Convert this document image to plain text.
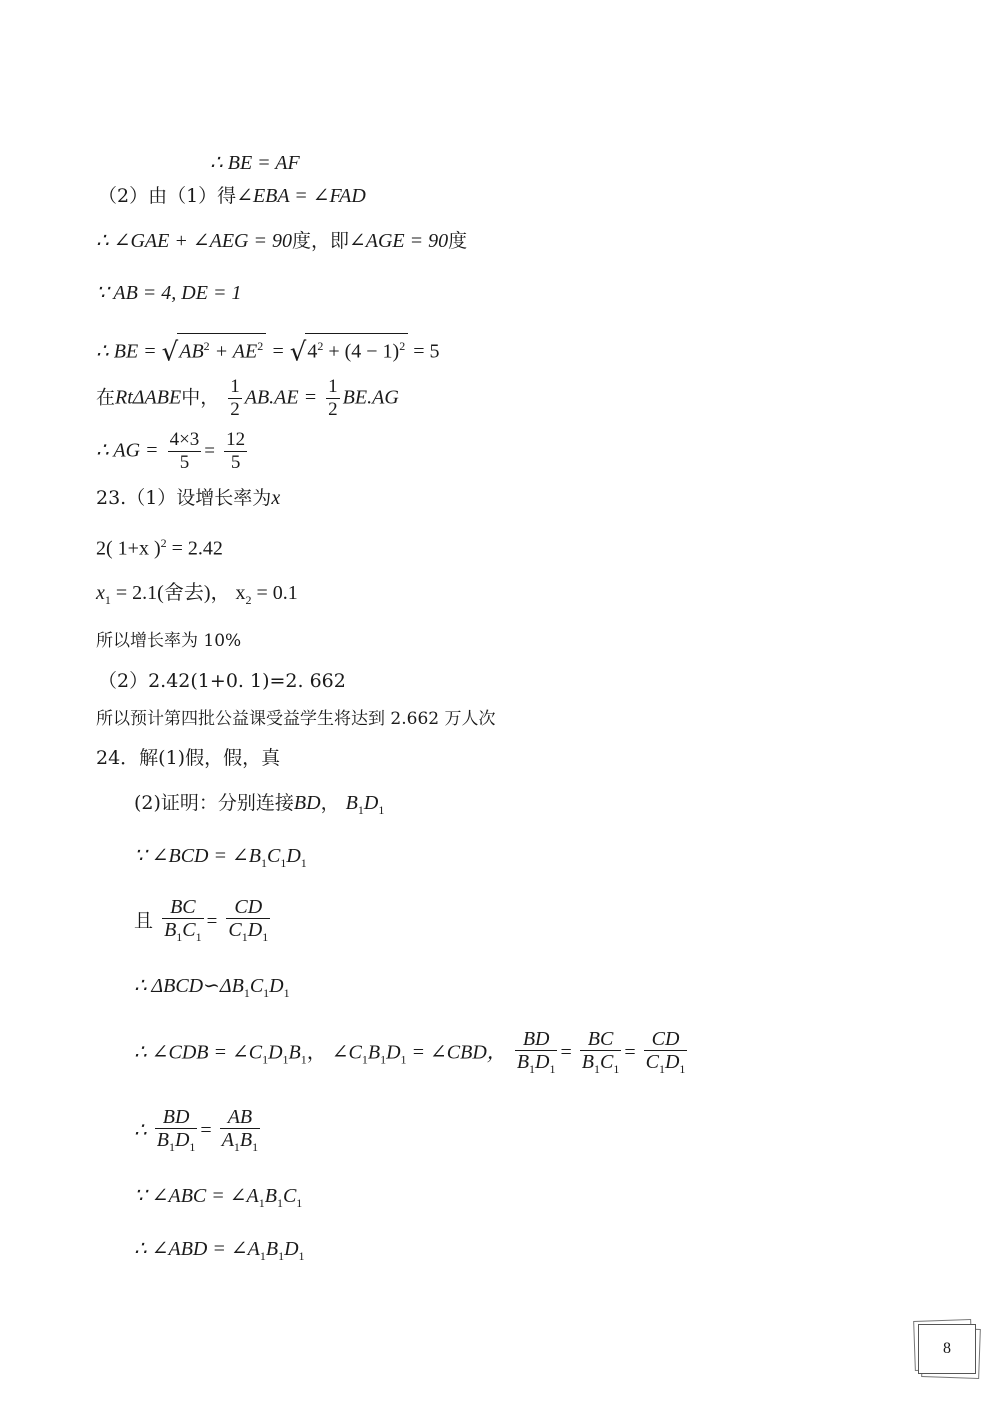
∴ BE = AF
（2）由（1）得∠EBA = ∠FAD
∴ ∠GAE + ∠AEG = 90度，即∠AGE = 90度
∵ AB = 4, DE = 1
∴ BE = $√AB^2 + AE^2 = √4^2 + (4 - 1)^2 = 5$
在RtΔABE中， $\frac{1}{2} AB.AE = \frac{1}{2} BE.AG$
∴ AG = $\frac{4\times 3}{5} = \frac{12}{5}$
23.（1）设增长率为x
2( 1+x )$^2$ = 2.42
$x_1 = 2.1$(舍去)， $x_2 = 0.1$
所以增长率为 10%
（2）2.42(1+0. 1)=2. 662
所以预计第四批公益课受益学生将达到 2.662 万人次
24．解(1)假，假，真
(2)证明：分别连接BD， $B_1D_1$
∵ ∠BCD = $\angle B_1C_1D_1$
且 $\frac{BC}{B_1C_1} = \frac{CD}{C_1D_1}$
∴ $\Delta BCD∽\Delta B_1C_1D_1$
∴ ∠CDB = $\angle C_1D_1B_1$， $\angle C_1B_1D_1$ = ∠CBD， $\frac{BD}{B_1D_1} = \frac{BC}{B_1C_1} = \frac{CD}{C_1D_1}$
∴ $\frac{BD}{B_1D_1} = \frac{AB}{A_1B_1}$
∵ ∠ABC = $\angle A_1B_1C_1$
∴ ∠ABD = $\angle A_1B_1D_1$
8
